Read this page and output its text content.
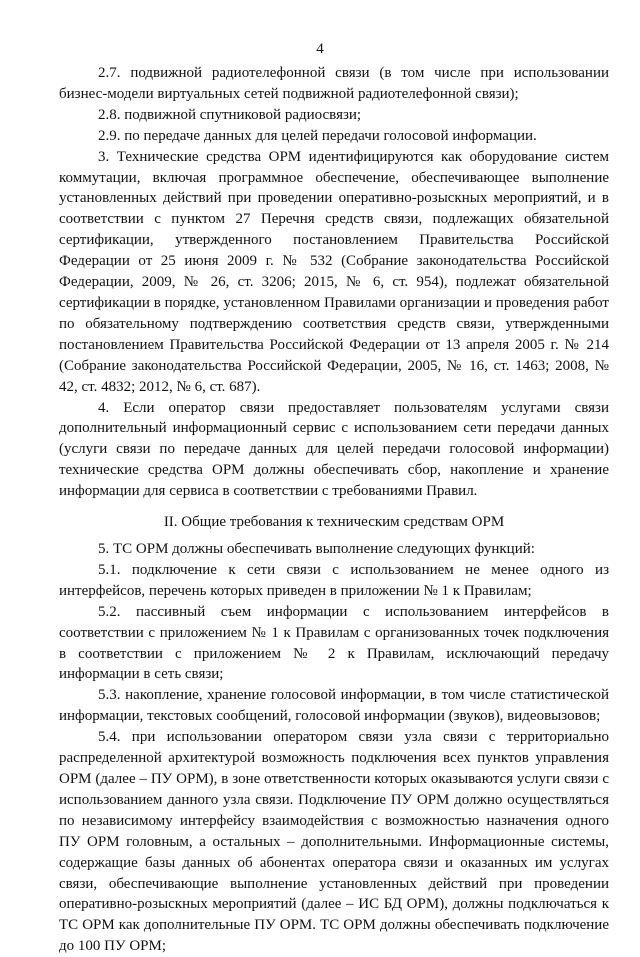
4

2.7. подвижной радиотелефонной связи (в том числе при использовании бизнес-модели виртуальных сетей подвижной радиотелефонной связи);

2.8. подвижной спутниковой радиосвязи;

2.9. по передаче данных для целей передачи голосовой информации.

3. Технические средства ОРМ идентифицируются как оборудование систем коммутации, включая программное обеспечение, обеспечивающее выполнение установленных действий при проведении оперативно-розыскных мероприятий, и в соответствии с пунктом 27 Перечня средств связи, подлежащих обязательной сертификации, утвержденного постановлением Правительства Российской Федерации от 25 июня 2009 г. № 532 (Собрание законодательства Российской Федерации, 2009, № 26, ст. 3206; 2015, № 6, ст. 954), подлежат обязательной сертификации в порядке, установленном Правилами организации и проведения работ по обязательному подтверждению соответствия средств связи, утвержденными постановлением Правительства Российской Федерации от 13 апреля 2005 г. № 214 (Собрание законодательства Российской Федерации, 2005, № 16, ст. 1463; 2008, № 42, ст. 4832; 2012, № 6, ст. 687).

4. Если оператор связи предоставляет пользователям услугами связи дополнительный информационный сервис с использованием сети передачи данных (услуги связи по передаче данных для целей передачи голосовой информации) технические средства ОРМ должны обеспечивать сбор, накопление и хранение информации для сервиса в соответствии с требованиями Правил.

II. Общие требования к техническим средствам ОРМ

5. ТС ОРМ должны обеспечивать выполнение следующих функций:

5.1. подключение к сети связи с использованием не менее одного из интерфейсов, перечень которых приведен в приложении № 1 к Правилам;

5.2. пассивный съем информации с использованием интерфейсов в соответствии с приложением № 1 к Правилам с организованных точек подключения в соответствии с приложением № 2 к Правилам, исключающий передачу информации в сеть связи;

5.3. накопление, хранение голосовой информации, в том числе статистической информации, текстовых сообщений, голосовой информации (звуков), видеовызовов;

5.4. при использовании оператором связи узла связи с территориально распределенной архитектурой возможность подключения всех пунктов управления ОРМ (далее – ПУ ОРМ), в зоне ответственности которых оказываются услуги связи с использованием данного узла связи. Подключение ПУ ОРМ должно осуществляться по независимому интерфейсу взаимодействия с возможностью назначения одного ПУ ОРМ головным, а остальных – дополнительными. Информационные системы, содержащие базы данных об абонентах оператора связи и оказанных им услугах связи, обеспечивающие выполнение установленных действий при проведении оперативно-розыскных мероприятий (далее – ИС БД ОРМ), должны подключаться к ТС ОРМ как дополнительные ПУ ОРМ. ТС ОРМ должны обеспечивать подключение до 100 ПУ ОРМ;
